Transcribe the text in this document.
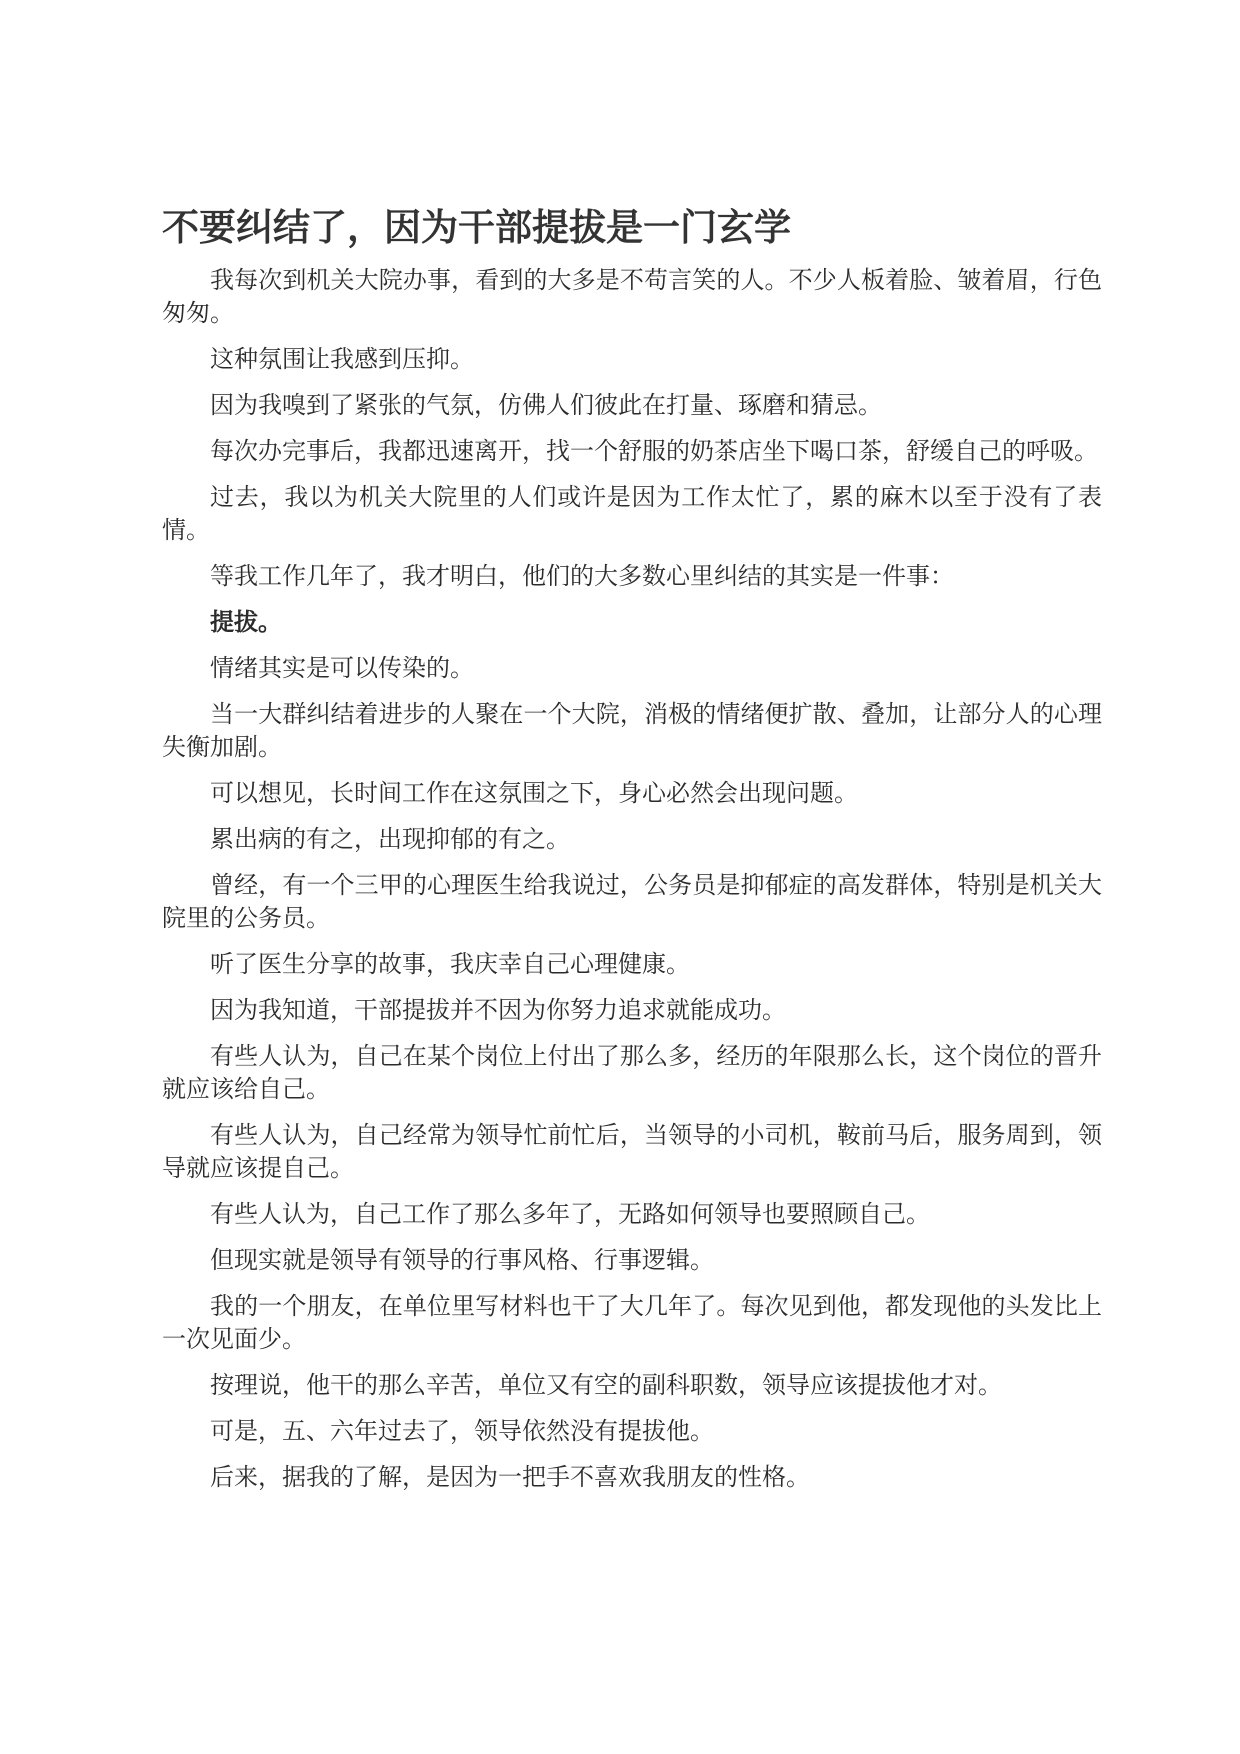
不要纠结了，因为干部提拔是一门玄学

我每次到机关大院办事，看到的大多是不苟言笑的人。不少人板着脸、皱着眉，行色匆匆。

这种氛围让我感到压抑。

因为我嗅到了紧张的气氛，仿佛人们彼此在打量、琢磨和猜忌。

每次办完事后，我都迅速离开，找一个舒服的奶茶店坐下喝口茶，舒缓自己的呼吸。

过去，我以为机关大院里的人们或许是因为工作太忙了，累的麻木以至于没有了表情。

等我工作几年了，我才明白，他们的大多数心里纠结的其实是一件事：

提拔。

情绪其实是可以传染的。

当一大群纠结着进步的人聚在一个大院，消极的情绪便扩散、叠加，让部分人的心理失衡加剧。

可以想见，长时间工作在这氛围之下，身心必然会出现问题。

累出病的有之，出现抑郁的有之。

曾经，有一个三甲的心理医生给我说过，公务员是抑郁症的高发群体，特别是机关大院里的公务员。

听了医生分享的故事，我庆幸自己心理健康。

因为我知道，干部提拔并不因为你努力追求就能成功。

有些人认为，自己在某个岗位上付出了那么多，经历的年限那么长，这个岗位的晋升就应该给自己。

有些人认为，自己经常为领导忙前忙后，当领导的小司机，鞍前马后，服务周到，领导就应该提自己。

有些人认为，自己工作了那么多年了，无路如何领导也要照顾自己。

但现实就是领导有领导的行事风格、行事逻辑。

我的一个朋友，在单位里写材料也干了大几年了。每次见到他，都发现他的头发比上一次见面少。

按理说，他干的那么辛苦，单位又有空的副科职数，领导应该提拔他才对。

可是，五、六年过去了，领导依然没有提拔他。

后来，据我的了解，是因为一把手不喜欢我朋友的性格。
